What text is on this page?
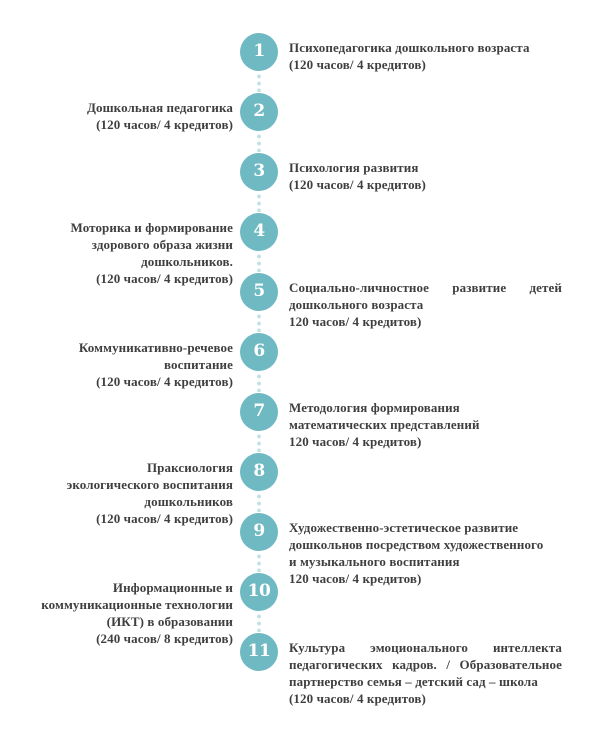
1 Психопедагогика дошкольного возраста
(120 часов/ 4 кредитов)
2
Дошкольная педагогика
(120 часов/ 4 кредитов)
3 Психология развития
(120 часов/ 4 кредитов)
4
Моторика и формирование
здорового образа жизни
дошкольников.
(120 часов/ 4 кредитов)
5 Социально-личностное развитие детей
дошкольного возраста
120 часов/ 4 кредитов)
6
Коммуникативно-речевое
воспитание
(120 часов/ 4 кредитов)
7 Методология формирования
математических представлений
120 часов/ 4 кредитов)
8
Праксиология
экологического воспитания
дошкольников
(120 часов/ 4 кредитов)
9 Художественно-эстетическое развитие
дошкольнов посредством художественного
и музыкального воспитания
120 часов/ 4 кредитов)
10
Информационные и
коммуникационные технологии
(ИКТ) в образовании
(240 часов/ 8 кредитов)
11 Культура эмоционального интеллекта
педагогических кадров. / Образовательное
партнерство семья – детский сад – школа
(120 часов/ 4 кредитов)
